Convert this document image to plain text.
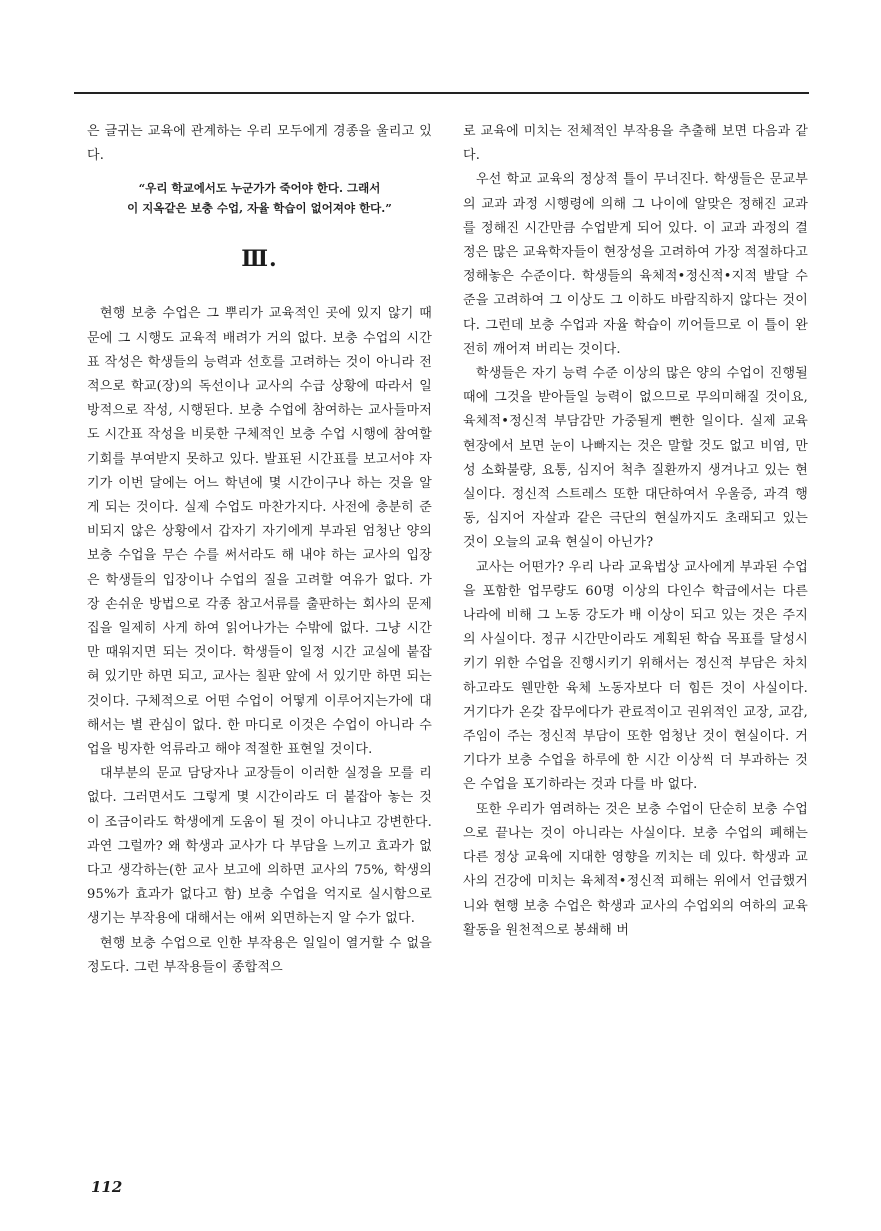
은 글귀는 교육에 관계하는 우리 모두에게 경종을 울리고 있다.

“우리 학교에서도 누군가가 죽어야 한다. 그래서
이 지옥같은 보충 수업, 자율 학습이 없어져야 한다.”
Ⅲ.

현행 보충 수업은 그 뿌리가 교육적인 곳에 있지 않기 때문에 그 시행도 교육적 배려가 거의 없다. 보충 수업의 시간표 작성은 학생들의 능력과 선호를 고려하는 것이 아니라 전적으로 학교(장)의 독선이나 교사의 수급 상황에 따라서 일방적으로 작성, 시행된다. 보충 수업에 참여하는 교사들마저도 시간표 작성을 비롯한 구체적인 보충 수업 시행에 참여할 기회를 부여받지 못하고 있다. 발표된 시간표를 보고서야 자기가 이번 달에는 어느 학년에 몇 시간이구나 하는 것을 알게 되는 것이다. 실제 수업도 마찬가지다. 사전에 충분히 준비되지 않은 상황에서 갑자기 자기에게 부과된 엄청난 양의 보충 수업을 무슨 수를 써서라도 해 내야 하는 교사의 입장은 학생들의 입장이나 수업의 질을 고려할 여유가 없다. 가장 손쉬운 방법으로 각종 참고서류를 출판하는 회사의 문제집을 일제히 사게 하여 읽어나가는 수밖에 없다. 그냥 시간만 때워지면 되는 것이다. 학생들이 일정 시간 교실에 붙잡혀 있기만 하면 되고, 교사는 칠판 앞에 서 있기만 하면 되는 것이다. 구체적으로 어떤 수업이 어떻게 이루어지는가에 대해서는 별 관심이 없다. 한 마디로 이것은 수업이 아니라 수업을 빙자한 억류라고 해야 적절한 표현일 것이다.

대부분의 문교 담당자나 교장들이 이러한 실정을 모를 리 없다. 그러면서도 그렇게 몇 시간이라도 더 붙잡아 놓는 것이 조금이라도 학생에게 도움이 될 것이 아니냐고 강변한다. 과연 그럴까? 왜 학생과 교사가 다 부담을 느끼고 효과가 없다고 생각하는(한 교사 보고에 의하면 교사의 75%, 학생의 95%가 효과가 없다고 함) 보충 수업을 억지로 실시함으로 생기는 부작용에 대해서는 애써 외면하는지 알 수가 없다.

현행 보충 수업으로 인한 부작용은 일일이 열거할 수 없을 정도다. 그런 부작용들이 종합적으

로 교육에 미치는 전체적인 부작용을 추출해 보면 다음과 같다.

우선 학교 교육의 정상적 틀이 무너진다. 학생들은 문교부의 교과 과정 시행령에 의해 그 나이에 알맞은 정해진 교과를 정해진 시간만큼 수업받게 되어 있다. 이 교과 과정의 결정은 많은 교육학자들이 현장성을 고려하여 가장 적절하다고 정해놓은 수준이다. 학생들의 육체적•정신적•지적 발달 수준을 고려하여 그 이상도 그 이하도 바람직하지 않다는 것이다. 그런데 보충 수업과 자율 학습이 끼어들므로 이 틀이 완전히 깨어져 버리는 것이다.

학생들은 자기 능력 수준 이상의 많은 양의 수업이 진행될 때에 그것을 받아들일 능력이 없으므로 무의미해질 것이요, 육체적•정신적 부담감만 가중될게 뻔한 일이다. 실제 교육 현장에서 보면 눈이 나빠지는 것은 말할 것도 없고 비염, 만성 소화불량, 요통, 심지어 척추 질환까지 생겨나고 있는 현실이다. 정신적 스트레스 또한 대단하여서 우울증, 과격 행동, 심지어 자살과 같은 극단의 현실까지도 초래되고 있는 것이 오늘의 교육 현실이 아닌가?

교사는 어떤가? 우리 나라 교육법상 교사에게 부과된 수업을 포함한 업무량도 60명 이상의 다인수 학급에서는 다른 나라에 비해 그 노동 강도가 배 이상이 되고 있는 것은 주지의 사실이다. 정규 시간만이라도 계획된 학습 목표를 달성시키기 위한 수업을 진행시키기 위해서는 정신적 부담은 차치하고라도 웬만한 육체 노동자보다 더 힘든 것이 사실이다. 거기다가 온갖 잡무에다가 관료적이고 권위적인 교장, 교감, 주임이 주는 정신적 부담이 또한 엄청난 것이 현실이다. 거기다가 보충 수업을 하루에 한 시간 이상씩 더 부과하는 것은 수업을 포기하라는 것과 다를 바 없다.

또한 우리가 염려하는 것은 보충 수업이 단순히 보충 수업으로 끝나는 것이 아니라는 사실이다. 보충 수업의 폐해는 다른 정상 교육에 지대한 영향을 끼치는 데 있다. 학생과 교사의 건강에 미치는 육체적•정신적 피해는 위에서 언급했거니와 현행 보충 수업은 학생과 교사의 수업외의 여하의 교육 활동을 원천적으로 봉쇄해 버

112
